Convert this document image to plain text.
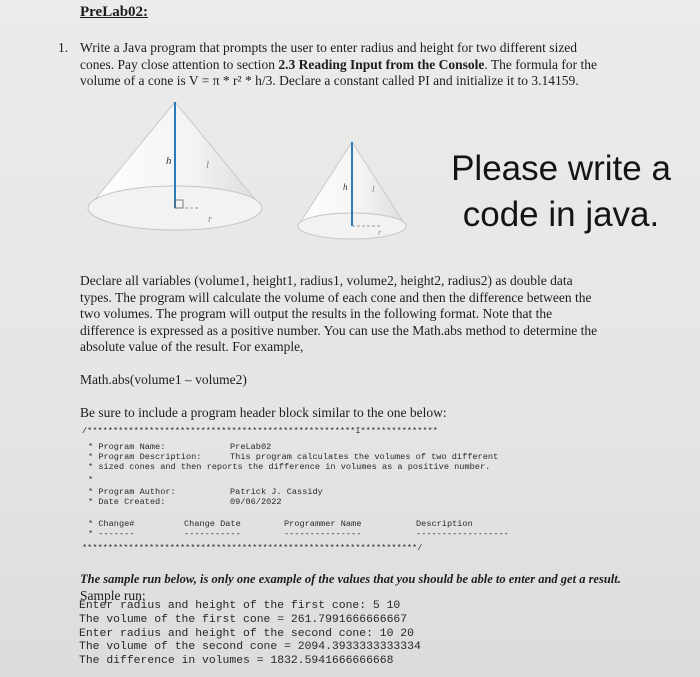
PreLab02:
1. Write a Java program that prompts the user to enter radius and height for two different sized
cones. Pay close attention to section 2.3 Reading Input from the Console. The formula for the
volume of a cone is V = π * r² * h/3. Declare a constant called PI and initialize it to 3.14159.
h	l
r
h	l
r
Please write a
code in java.
Declare all variables (volume1, height1, radius1, volume2, height2, radius2) as double data
types. The program will calculate the volume of each cone and then the difference between the
two volumes. The program will output the results in the following format. Note that the
difference is expressed as a positive number. You can use the Math.abs method to determine the
absolute value of the result. For example,
Math.abs(volume1 – volume2)
Be sure to include a program header block similar to the one below:
/****************************************************I***************
* Program Name:	PreLab02
* Program Description:	This program calculates the volumes of two different
* sized cones and then reports the difference in volumes as a positive number.
*
* Program Author:	Patrick J. Cassidy
* Date Created:	09/06/2022
* Change#	Change Date	Programmer Name	Description
* -------	-----------	---------------	------------------
*****************************************************************/
The sample run below, is only one example of the values that you should be able to enter and get a result.
Sample run:
Enter radius and height of the first cone: 5 10
The volume of the first cone = 261.7991666666667
Enter radius and height of the second cone: 10 20
The volume of the second cone = 2094.3933333333334
The difference in volumes = 1832.5941666666668
